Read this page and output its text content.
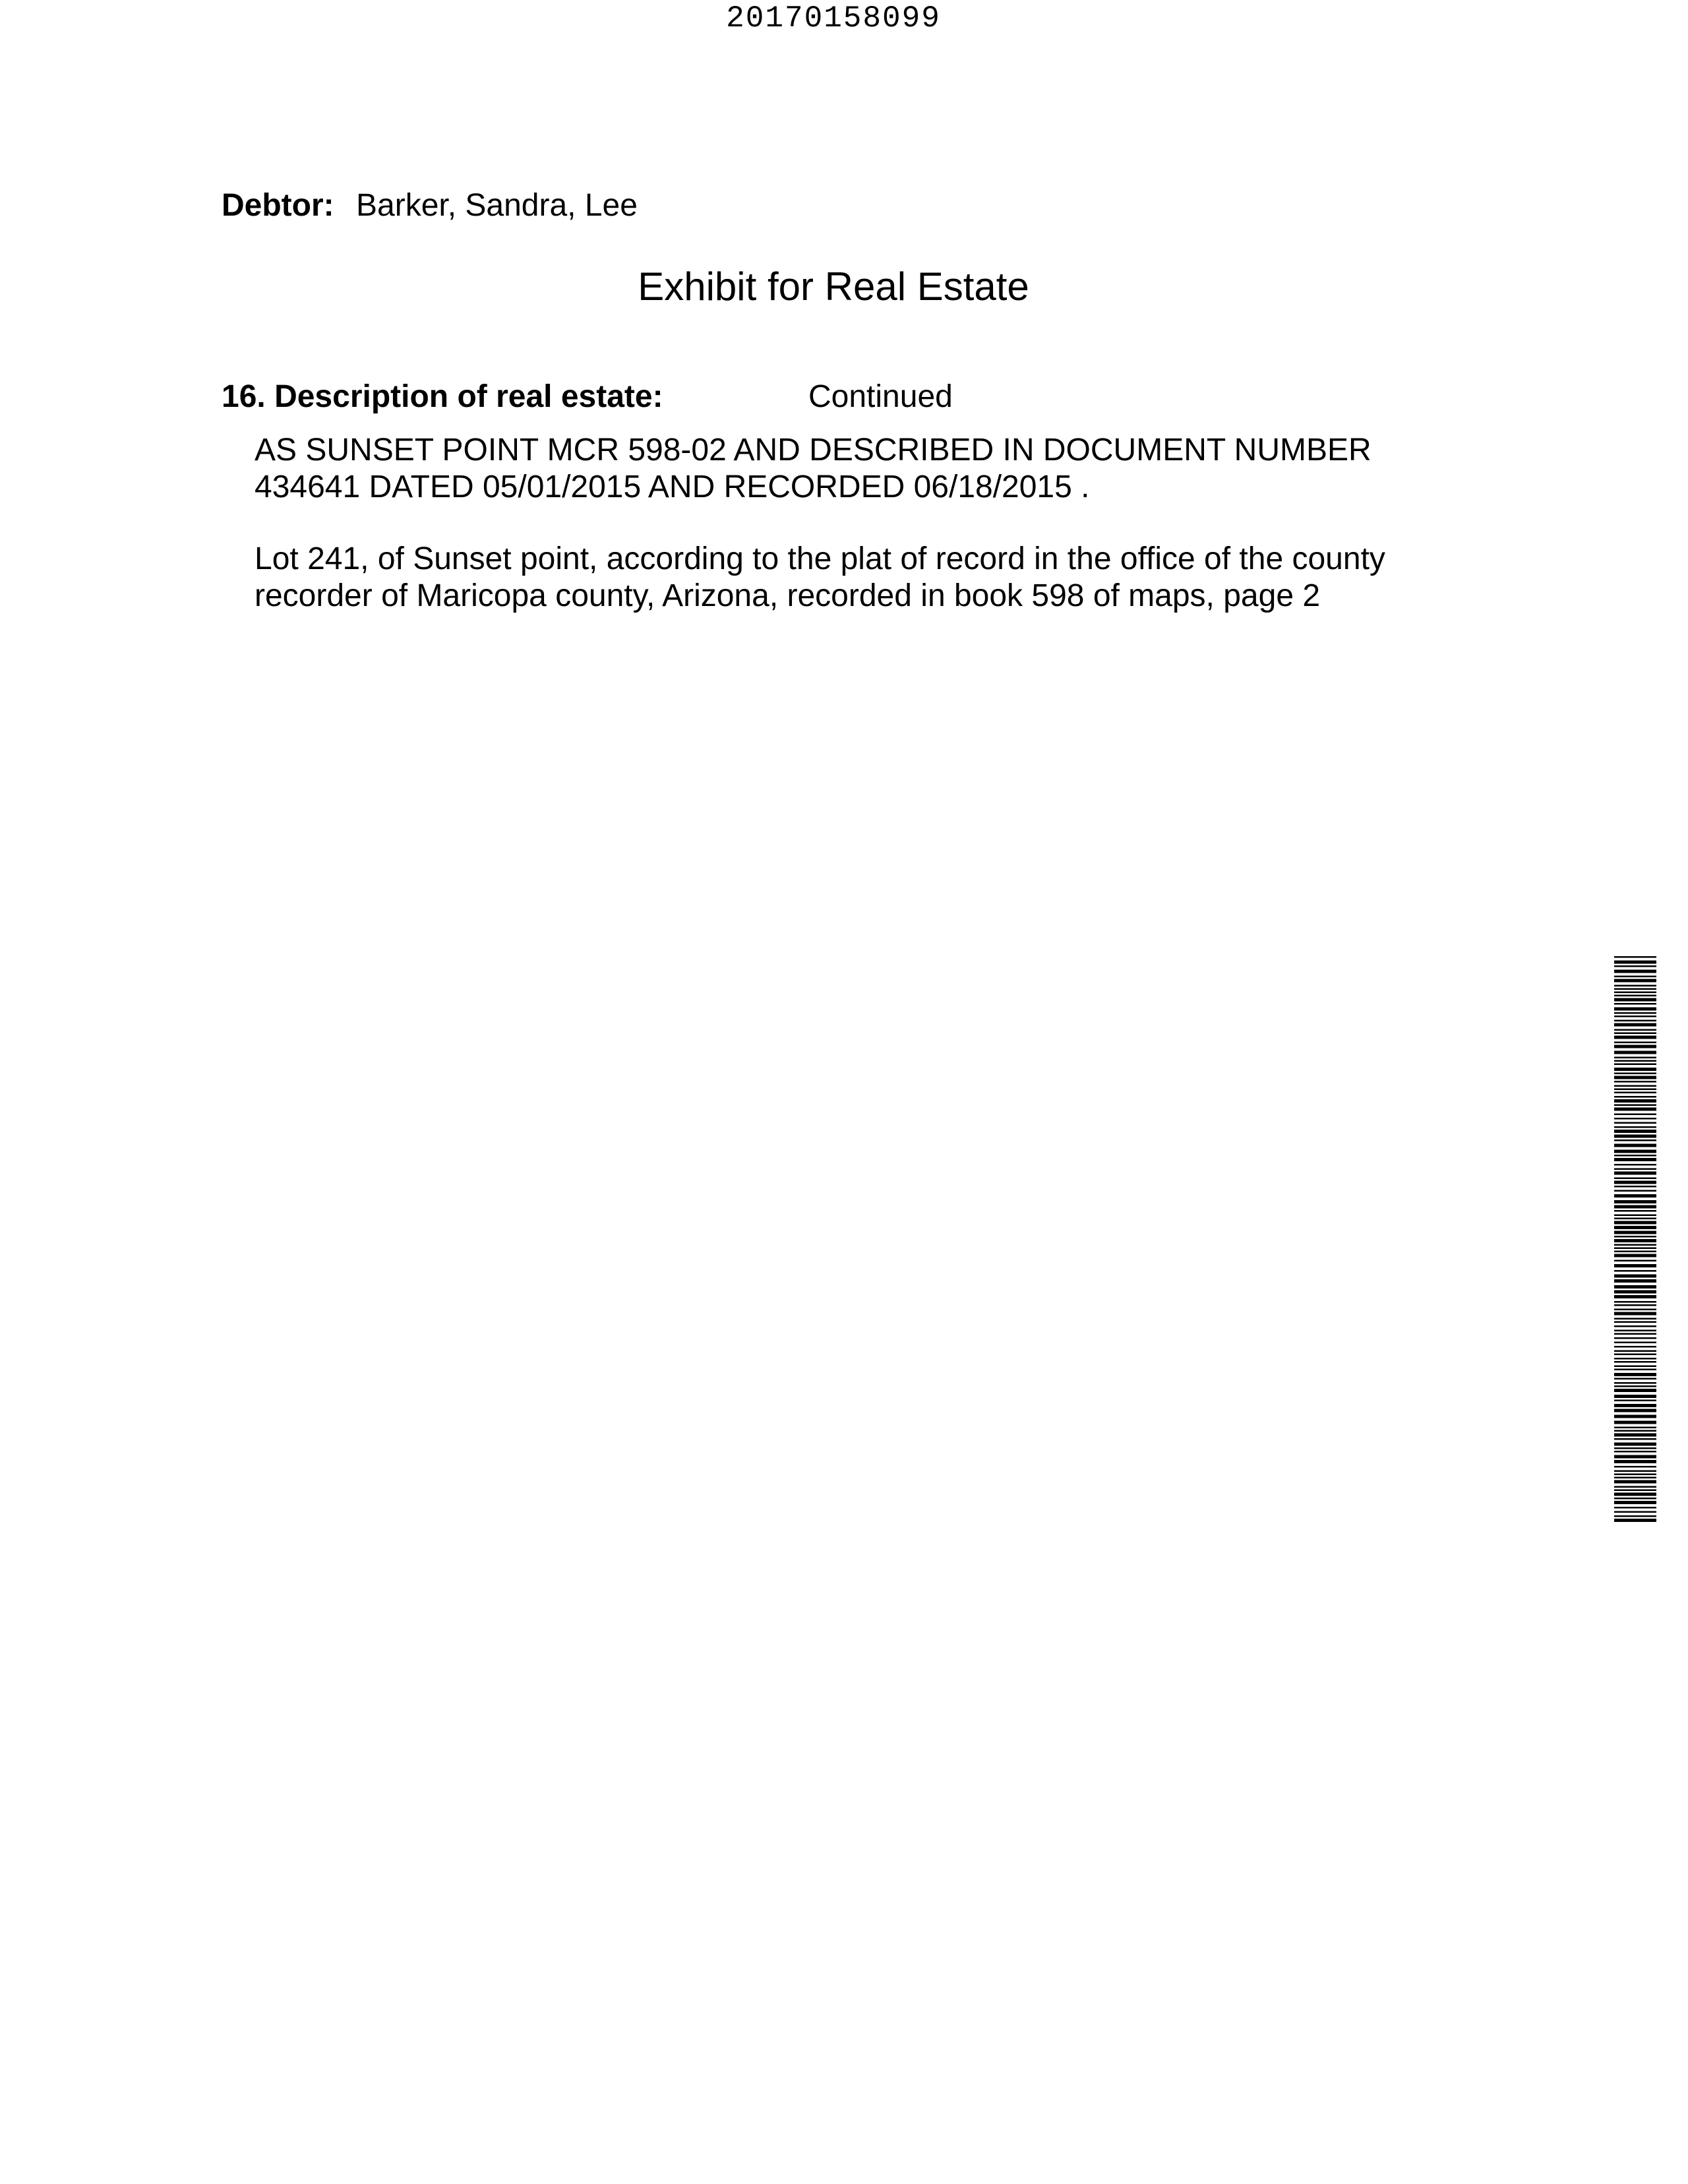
20170158099
Debtor: Barker, Sandra, Lee
Exhibit for Real Estate
16. Description of real estate:	Continued
AS SUNSET POINT MCR 598-02 AND DESCRIBED IN DOCUMENT NUMBER
434641 DATED 05/01/2015 AND RECORDED 06/18/2015 .
Lot 241, of Sunset point, according to the plat of record in the office of the county
recorder of Maricopa county, Arizona, recorded in book 598 of maps, page 2
